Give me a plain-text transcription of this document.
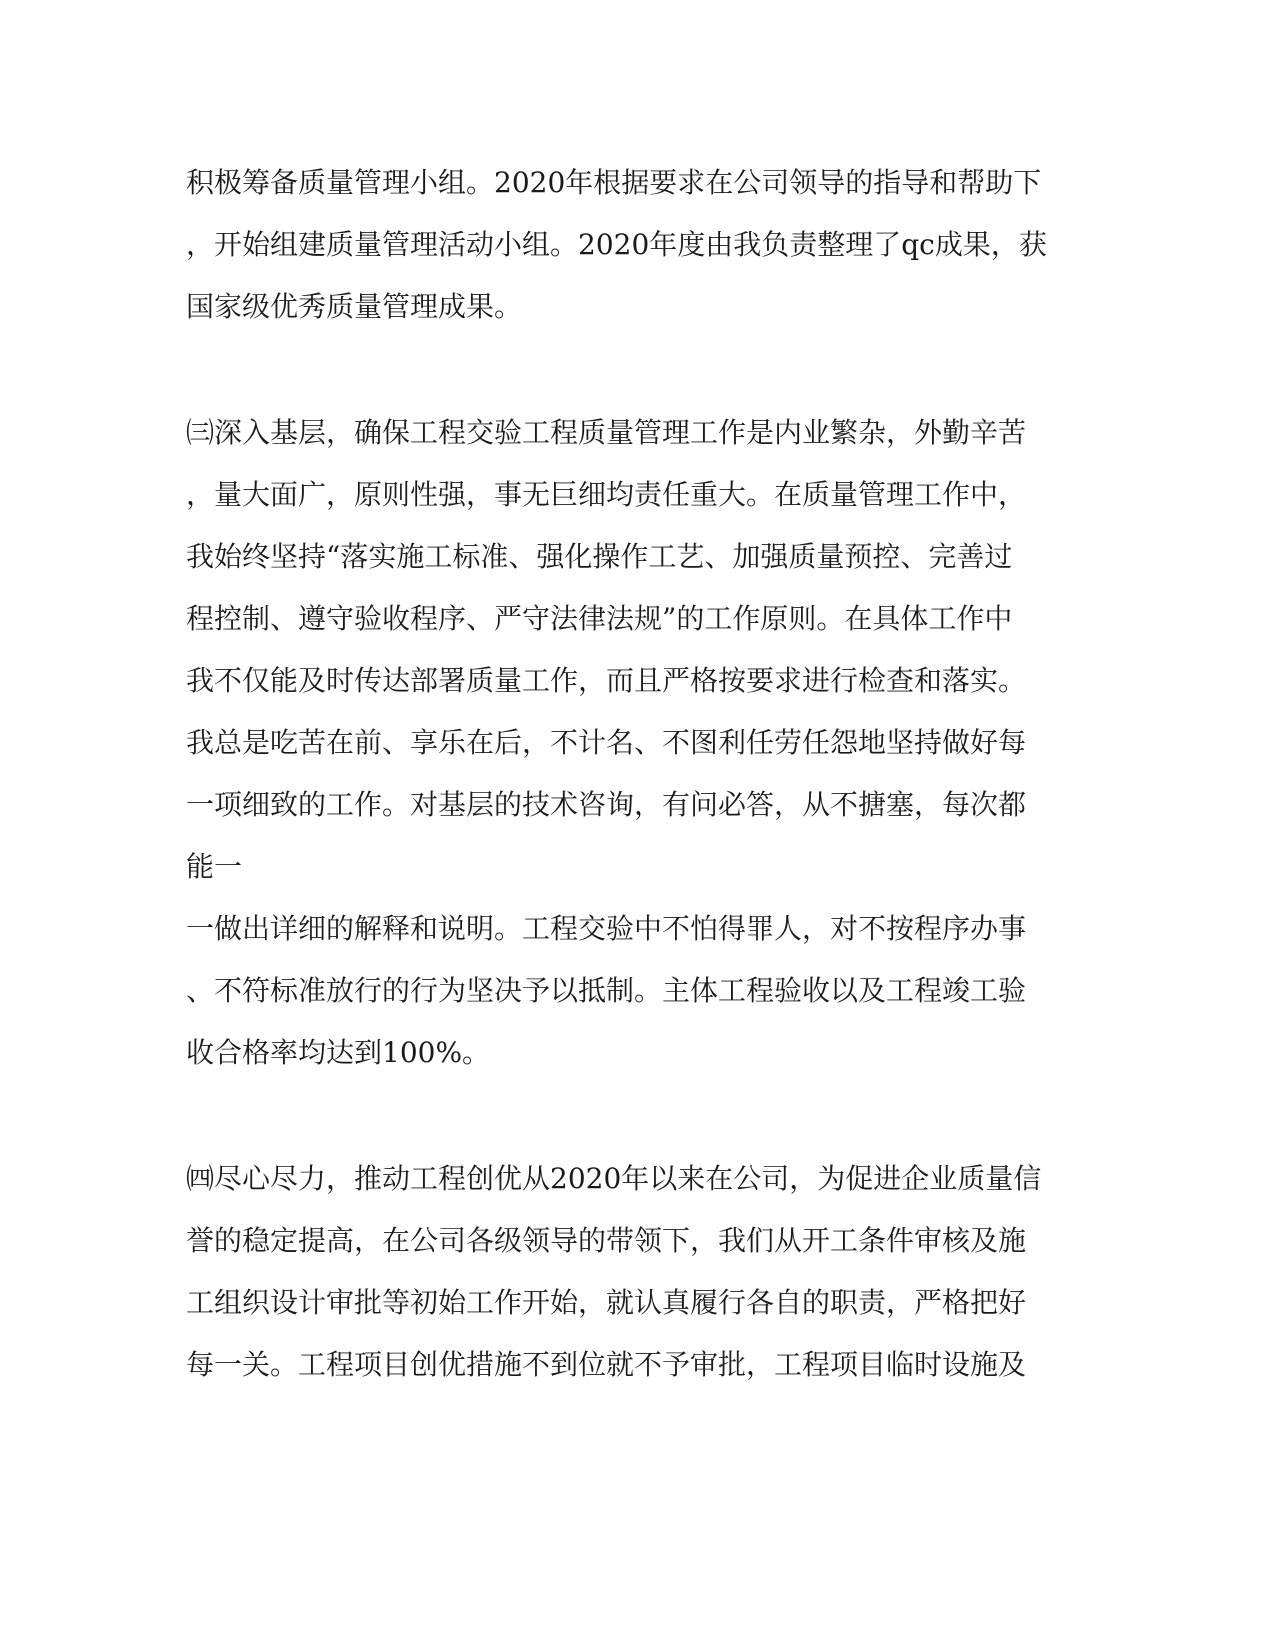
积极筹备质量管理小组。2020年根据要求在公司领导的指导和帮助下
，开始组建质量管理活动小组。2020年度由我负责整理了qc成果，获
国家级优秀质量管理成果。
㈢深入基层，确保工程交验工程质量管理工作是内业繁杂，外勤辛苦
，量大面广，原则性强，事无巨细均责任重大。在质量管理工作中，
我始终坚持“落实施工标准、强化操作工艺、加强质量预控、完善过
程控制、遵守验收程序、严守法律法规”的工作原则。在具体工作中
我不仅能及时传达部署质量工作，而且严格按要求进行检查和落实。
我总是吃苦在前、享乐在后，不计名、不图利任劳任怨地坚持做好每
一项细致的工作。对基层的技术咨询，有问必答，从不搪塞，每次都
能一
一做出详细的解释和说明。工程交验中不怕得罪人，对不按程序办事
、不符标准放行的行为坚决予以抵制。主体工程验收以及工程竣工验
收合格率均达到100%。
㈣尽心尽力，推动工程创优从2020年以来在公司，为促进企业质量信
誉的稳定提高，在公司各级领导的带领下，我们从开工条件审核及施
工组织设计审批等初始工作开始，就认真履行各自的职责，严格把好
每一关。工程项目创优措施不到位就不予审批，工程项目临时设施及
